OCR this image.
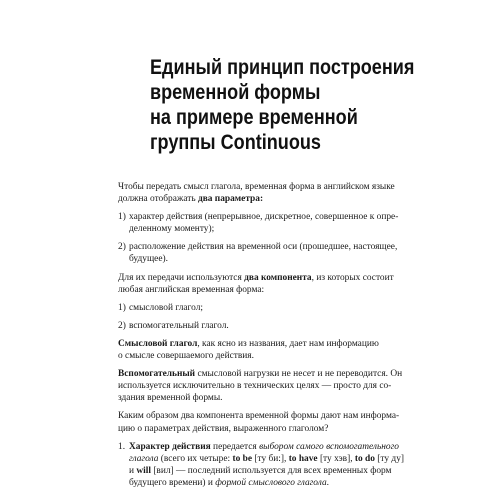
Единый принцип построения
временной формы
на примере временной
группы Continuous

Чтобы передать смысл глагола, временная форма в английском языке
должна отображать два параметра:

1) характер действия (непрерывное, дискретное, совершенное к опре-
деленному моменту);
2) расположение действия на временной оси (прошедшее, настоящее,
будущее).

Для их передачи используются два компонента, из которых состоит
любая английская временная форма:

1) смысловой глагол;
2) вспомогательный глагол.

Смысловой глагол, как ясно из названия, дает нам информацию
о смысле совершаемого действия.

Вспомогательный смысловой нагрузки не несет и не переводится. Он
используется исключительно в технических целях — просто для со-
здания временной формы.

Каким образом два компонента временной формы дают нам информа-
цию о параметрах действия, выраженного глаголом?

1. Характер действия передается выбором самого вспомогательного
глагола (всего их четыре: to be [ту би:], to have [ту хэв], to do [ту ду]
и will [вил] — последний используется для всех временных форм
будущего времени) и формой смыслового глагола.
